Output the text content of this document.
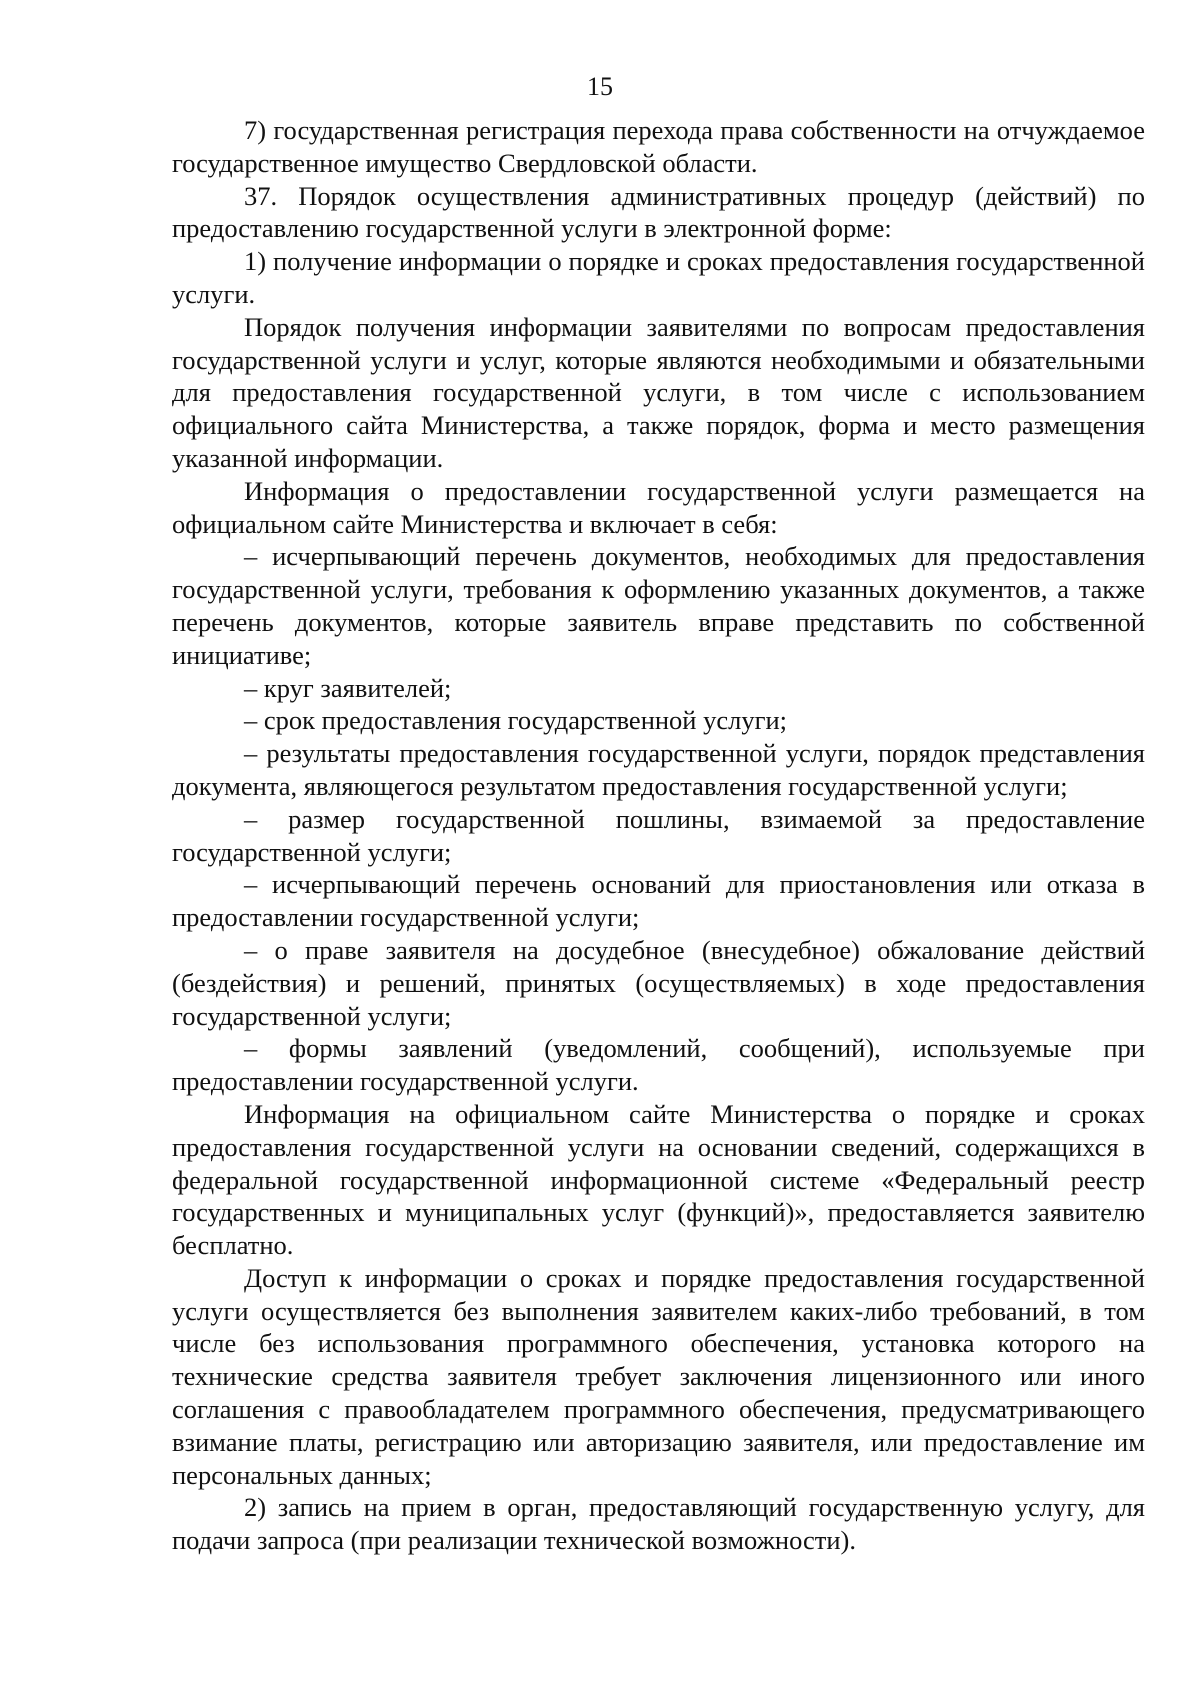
15

7) государственная регистрация перехода права собственности на отчуждаемое государственное имущество Свердловской области.

37. Порядок осуществления административных процедур (действий) по предоставлению государственной услуги в электронной форме:

1) получение информации о порядке и сроках предоставления государственной услуги.

Порядок получения информации заявителями по вопросам предоставления государственной услуги и услуг, которые являются необходимыми и обязательными для предоставления государственной услуги, в том числе с использованием официального сайта Министерства, а также порядок, форма и место размещения указанной информации.

Информация о предоставлении государственной услуги размещается на официальном сайте Министерства и включает в себя:

– исчерпывающий перечень документов, необходимых для предоставления государственной услуги, требования к оформлению указанных документов, а также перечень документов, которые заявитель вправе представить по собственной инициативе;

– круг заявителей;

– срок предоставления государственной услуги;

– результаты предоставления государственной услуги, порядок представления документа, являющегося результатом предоставления государственной услуги;

– размер государственной пошлины, взимаемой за предоставление государственной услуги;

– исчерпывающий перечень оснований для приостановления или отказа в предоставлении государственной услуги;

– о праве заявителя на досудебное (внесудебное) обжалование действий (бездействия) и решений, принятых (осуществляемых) в ходе предоставления государственной услуги;

– формы заявлений (уведомлений, сообщений), используемые при предоставлении государственной услуги.

Информация на официальном сайте Министерства о порядке и сроках предоставления государственной услуги на основании сведений, содержащихся в федеральной государственной информационной системе «Федеральный реестр государственных и муниципальных услуг (функций)», предоставляется заявителю бесплатно.

Доступ к информации о сроках и порядке предоставления государственной услуги осуществляется без выполнения заявителем каких-либо требований, в том числе без использования программного обеспечения, установка которого на технические средства заявителя требует заключения лицензионного или иного соглашения с правообладателем программного обеспечения, предусматривающего взимание платы, регистрацию или авторизацию заявителя, или предоставление им персональных данных;

2) запись на прием в орган, предоставляющий государственную услугу, для подачи запроса (при реализации технической возможности).
